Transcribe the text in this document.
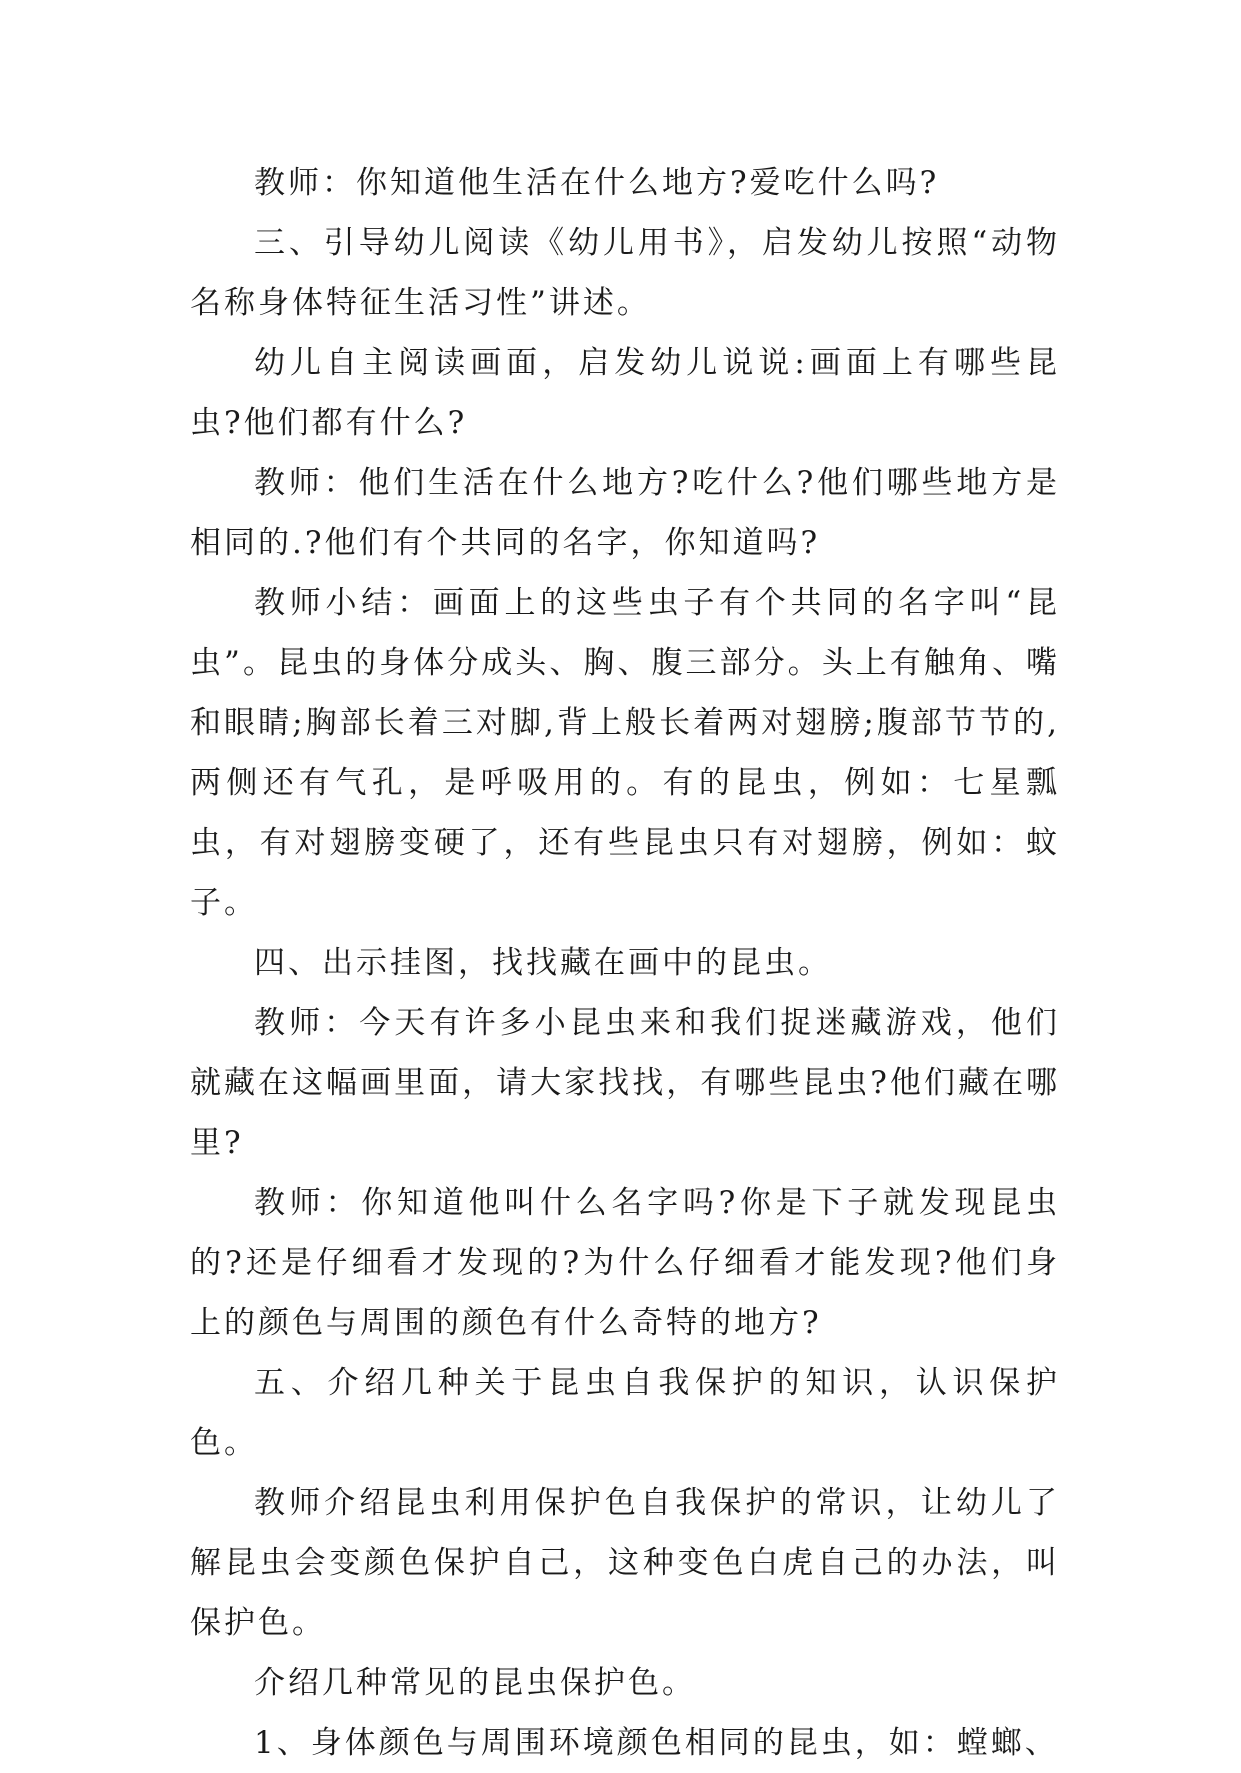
教师：你知道他生活在什么地方?爱吃什么吗?

三、引导幼儿阅读《幼儿用书》，启发幼儿按照“动物名称身体特征生活习性”讲述。

幼儿自主阅读画面，启发幼儿说说:画面上有哪些昆虫?他们都有什么?

教师：他们生活在什么地方?吃什么?他们哪些地方是相同的.?他们有个共同的名字，你知道吗?

教师小结：画面上的这些虫子有个共同的名字叫“昆虫”。昆虫的身体分成头、胸、腹三部分。头上有触角、嘴和眼睛;胸部长着三对脚,背上般长着两对翅膀;腹部节节的,两侧还有气孔，是呼吸用的。有的昆虫，例如：七星瓢虫，有对翅膀变硬了，还有些昆虫只有对翅膀，例如：蚊子。

四、出示挂图，找找藏在画中的昆虫。

教师：今天有许多小昆虫来和我们捉迷藏游戏，他们就藏在这幅画里面，请大家找找，有哪些昆虫?他们藏在哪里?

教师：你知道他叫什么名字吗?你是下子就发现昆虫的?还是仔细看才发现的?为什么仔细看才能发现?他们身上的颜色与周围的颜色有什么奇特的地方?

五、介绍几种关于昆虫自我保护的知识，认识保护色。

教师介绍昆虫利用保护色自我保护的常识，让幼儿了解昆虫会变颜色保护自己，这种变色白虎自己的办法，叫保护色。

介绍几种常见的昆虫保护色。

1、身体颜色与周围环境颜色相同的昆虫，如：螳螂、
